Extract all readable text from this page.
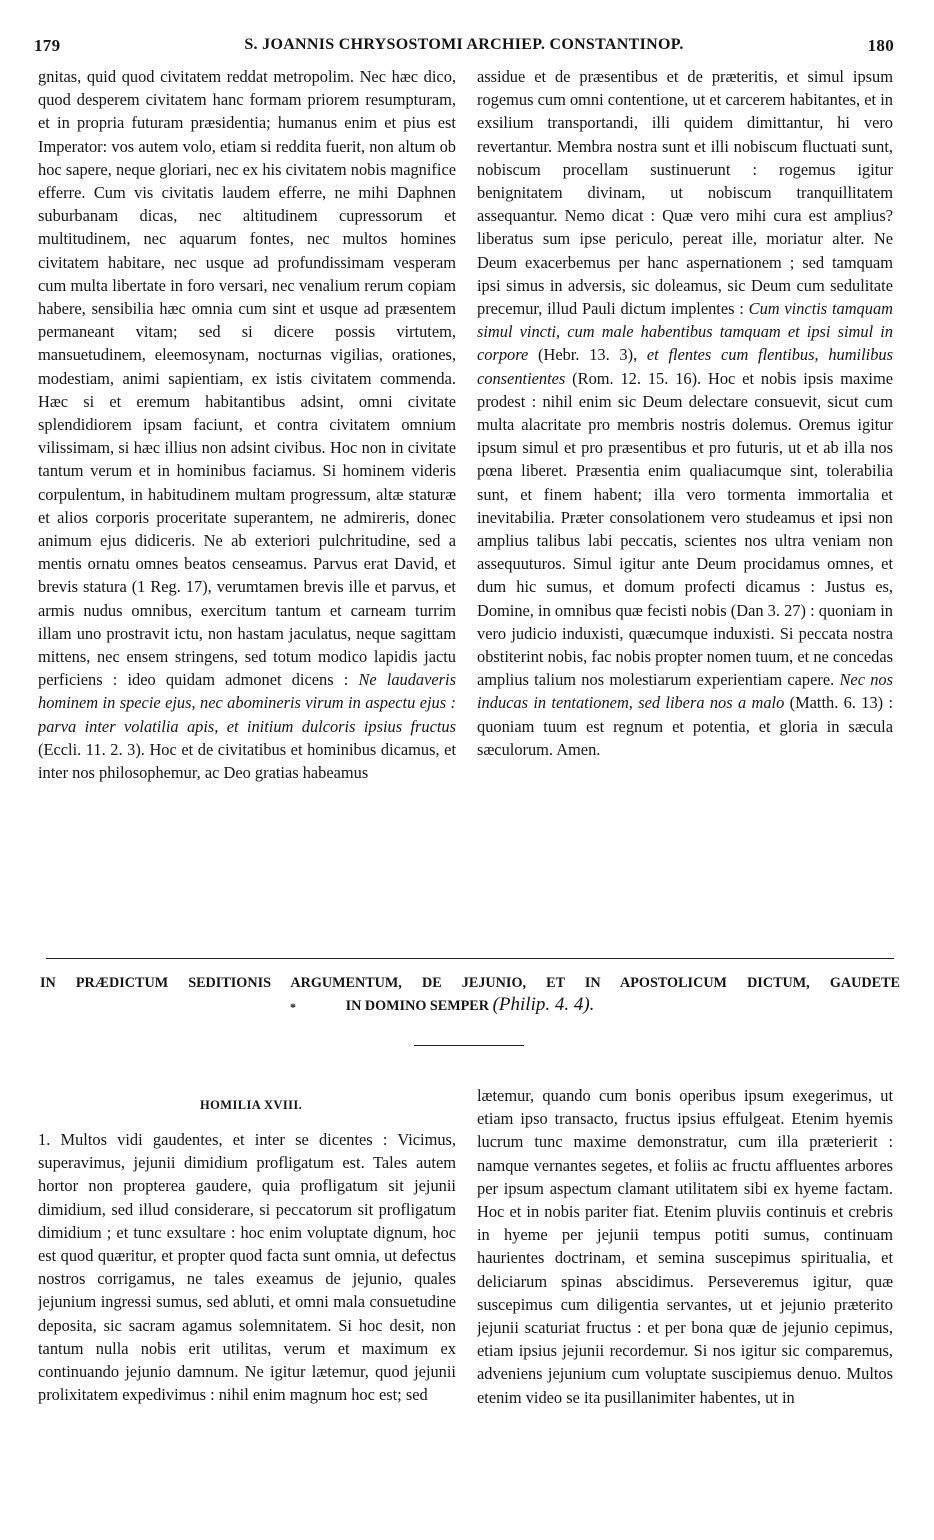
179	S. JOANNIS CHRYSOSTOMI ARCHIEP. CONSTANTINOP.	180

gnitas, quid quod civitatem reddat metropolim. Nec hæc dico, quod desperem civitatem hanc formam priorem resumpturam, et in propria futuram præsidentia; humanus enim et pius est Imperator: vos autem volo, etiam si reddita fuerit, non altum ob hoc sapere, neque gloriari, nec ex his civitatem nobis magnifice efferre. Cum vis civitatis laudem efferre, ne mihi Daphnen suburbanam dicas, nec altitudinem cupressorum et multitudinem, nec aquarum fontes, nec multos homines civitatem habitare, nec usque ad profundissimam vesperam cum multa libertate in foro versari, nec venalium rerum copiam habere, sensibilia hæc omnia cum sint et usque ad præsentem permaneant vitam; sed si dicere possis virtutem, mansuetudinem, eleemosynam, nocturnas vigilias, orationes, modestiam, animi sapientiam, ex istis civitatem commenda. Hæc si et eremum habitantibus adsint, omni civitate splendidiorem ipsam faciunt, et contra civitatem omnium vilissimam, si hæc illius non adsint civibus. Hoc non in civitate tantum verum et in hominibus faciamus. Si hominem videris corpulentum, in habitudinem multam progressum, altæ staturæ et alios corporis proceritate superantem, ne admireris, donec animum ejus didiceris. Ne ab exteriori pulchritudine, sed a mentis ornatu omnes beatos censeamus. Parvus erat David, et brevis statura (1 Reg. 17), verumtamen brevis ille et parvus, et armis nudus omnibus, exercitum tantum et carneam turrim illam uno prostravit ictu, non hastam jaculatus, neque sagittam mittens, nec ensem stringens, sed totum modico lapidis jactu perficiens : ideo quidam admonet dicens : Ne laudaveris hominem in specie ejus, nec abomineris virum in aspectu ejus : parva inter volatilia apis, et initium dulcoris ipsius fructus (Eccli. 11. 2. 3). Hoc et de civitatibus et hominibus dicamus, et inter nos philosophemur, ac Deo gratias habeamus

assidue et de præsentibus et de præteritis, et simul ipsum rogemus cum omni contentione, ut et carcerem habitantes, et in exsilium transportandi, illi quidem dimittantur, hi vero revertantur. Membra nostra sunt et illi nobiscum fluctuati sunt, nobiscum procellam sustinuerunt : rogemus igitur benignitatem divinam, ut nobiscum tranquillitatem assequantur. Nemo dicat : Quæ vero mihi cura est amplius? liberatus sum ipse periculo, pereat ille, moriatur alter. Ne Deum exacerbemus per hanc aspernationem ; sed tamquam ipsi simus in adversis, sic doleamus, sic Deum cum sedulitate precemur, illud Pauli dictum implentes : Cum vinctis tamquam simul vincti, cum male habentibus tamquam et ipsi simul in corpore (Hebr. 13. 3), et flentes cum flentibus, humilibus consentientes (Rom. 12. 15. 16). Hoc et nobis ipsis maxime prodest : nihil enim sic Deum delectare consuevit, sicut cum multa alacritate pro membris nostris dolemus. Oremus igitur ipsum simul et pro præsentibus et pro futuris, ut et ab illa nos pœna liberet. Præsentia enim qualiacumque sint, tolerabilia sunt, et finem habent; illa vero tormenta immortalia et inevitabilia. Præter consolationem vero studeamus et ipsi non amplius talibus labi peccatis, scientes nos ultra veniam non assequuturos. Simul igitur ante Deum procidamus omnes, et dum hic sumus, et domum profecti dicamus : Justus es, Domine, in omnibus quæ fecisti nobis (Dan 3. 27) : quoniam in vero judicio induxisti, quæcumque induxisti. Si peccata nostra obstiterint nobis, fac nobis propter nomen tuum, et ne concedas amplius talium nos molestiarum experientiam capere. Nec nos inducas in tentationem, sed libera nos a malo (Matth. 6. 13) : quoniam tuum est regnum et potentia, et gloria in sæcula sæculorum. Amen.

IN PRÆDICTUM SEDITIONIS ARGUMENTUM, DE JEJUNIO, ET IN APOSTOLICUM DICTUM, GAUDETE
*	IN DOMINO SEMPER (Philip. 4. 4).
HOMILIA XVIII.

1. Multos vidi gaudentes, et inter se dicentes : Vicimus, superavimus, jejunii dimidium profligatum est. Tales autem hortor non propterea gaudere, quia profligatum sit jejunii dimidium, sed illud considerare, si peccatorum sit profligatum dimidium ; et tunc exsultare : hoc enim voluptate dignum, hoc est quod quæritur, et propter quod facta sunt omnia, ut defectus nostros corrigamus, ne tales exeamus de jejunio, quales jejunium ingressi sumus, sed abluti, et omni mala consuetudine deposita, sic sacram agamus solemnitatem. Si hoc desit, non tantum nulla nobis erit utilitas, verum et maximum ex continuando jejunio damnum. Ne igitur lætemur, quod jejunii prolixitatem expedivimus : nihil enim magnum hoc est; sed

lætemur, quando cum bonis operibus ipsum exegerimus, ut etiam ipso transacto, fructus ipsius effulgeat. Etenim hyemis lucrum tunc maxime demonstratur, cum illa præterierit : namque vernantes segetes, et foliis ac fructu affluentes arbores per ipsum aspectum clamant utilitatem sibi ex hyeme factam. Hoc et in nobis pariter fiat. Etenim pluviis continuis et crebris in hyeme per jejunii tempus potiti sumus, continuam haurientes doctrinam, et semina suscepimus spiritualia, et deliciarum spinas abscidimus. Perseveremus igitur, quæ suscepimus cum diligentia servantes, ut et jejunio præterito jejunii scaturiat fructus : et per bona quæ de jejunio cepimus, etiam ipsius jejunii recordemur. Si nos igitur sic comparemus, adveniens jejunium cum voluptate suscipiemus denuo. Multos etenim video se ita pusillanimiter habentes, ut in
